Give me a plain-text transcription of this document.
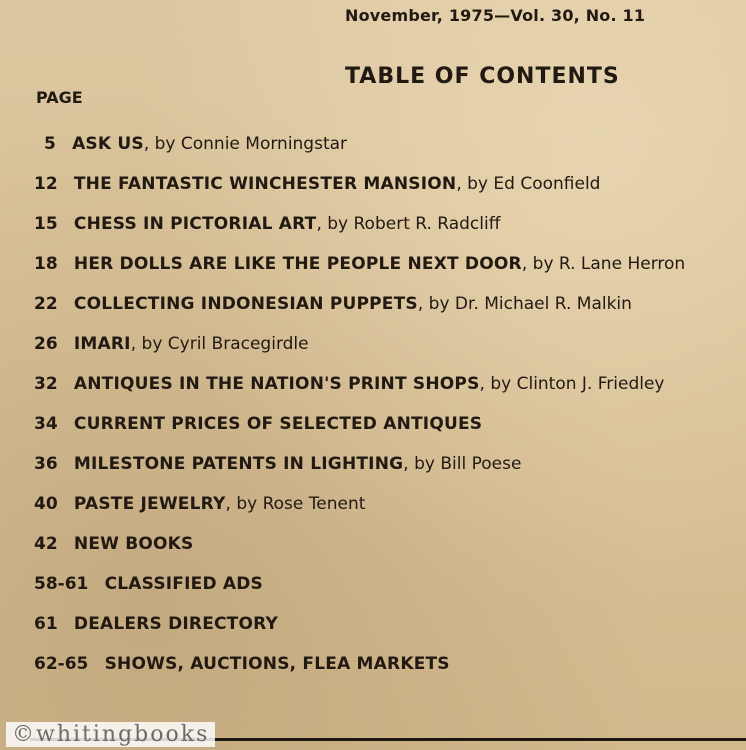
November, 1975—Vol. 30, No. 11
TABLE OF CONTENTS
PAGE
5 ASK US, by Connie Morningstar
12 THE FANTASTIC WINCHESTER MANSION, by Ed Coonfield
15 CHESS IN PICTORIAL ART, by Robert R. Radcliff
18 HER DOLLS ARE LIKE THE PEOPLE NEXT DOOR, by R. Lane Herron
22 COLLECTING INDONESIAN PUPPETS, by Dr. Michael R. Malkin
26 IMARI, by Cyril Bracegirdle
32 ANTIQUES IN THE NATION'S PRINT SHOPS, by Clinton J. Friedley
34 CURRENT PRICES OF SELECTED ANTIQUES
36 MILESTONE PATENTS IN LIGHTING, by Bill Poese
40 PASTE JEWELRY, by Rose Tenent
42 NEW BOOKS
58-61 CLASSIFIED ADS
61 DEALERS DIRECTORY
62-65 SHOWS, AUCTIONS, FLEA MARKETS
©whitingbooks
